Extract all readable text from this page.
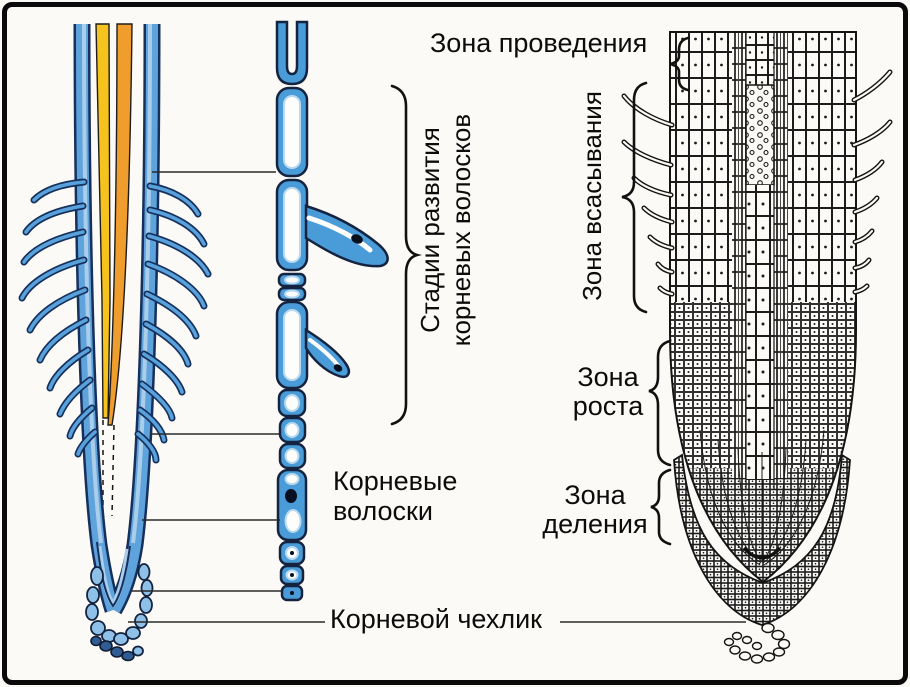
Зона проведения
Стадии развития корневых волосков	Зона всасывания
Зона
роста
Зона
деления
Корневые
волоски
Корневой чехлик
